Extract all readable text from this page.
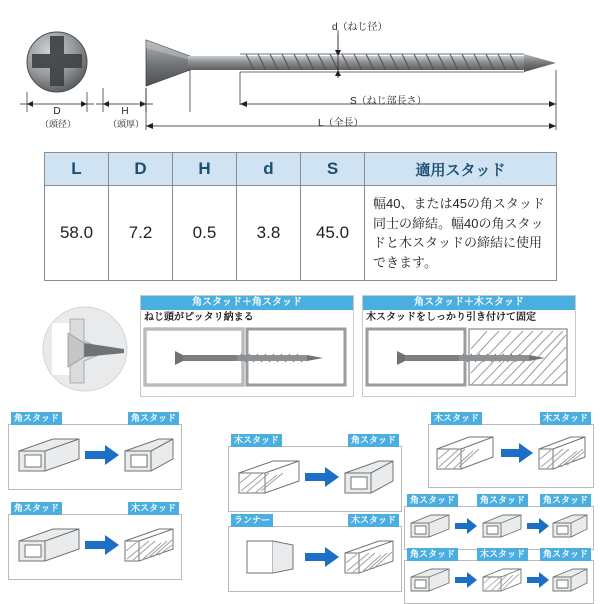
d（ねじ径）
D
（頭径）
H
（頭厚）
S（ねじ部長さ）
L（全長）
L	D	H	d	S	適用スタッド
58.0	7.2	0.5	3.8	45.0	幅40、または45の角スタッド同士の締結。幅40の角スタッドと木スタッドの締結に使用できます。
角スタッド＋角スタッド
ねじ頭がピッタリ納まる
角スタッド＋木スタッド
木スタッドをしっかり引き付けて固定
角スタッド	角スタッド
角スタッド	木スタッド
木スタッド	角スタッド
ランナー	木スタッド
木スタッド	木スタッド
角スタッド	角スタッド	角スタッド
角スタッド	木スタッド	角スタッド
